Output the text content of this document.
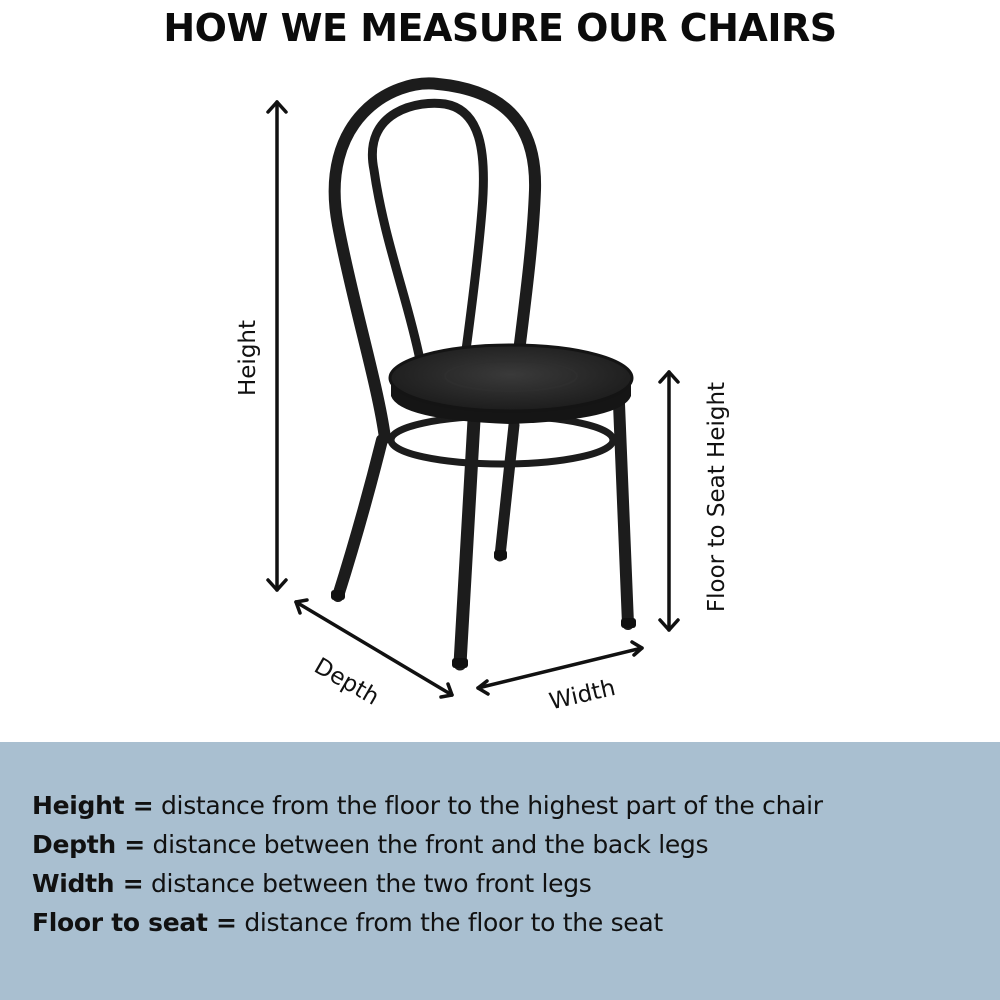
HOW WE MEASURE OUR CHAIRS
Height
Floor to Seat Height
Depth	Width
Height = distance from the floor to the highest part of the chair
Depth = distance between the front and the back legs
Width = distance between the two front legs
Floor to seat = distance from the floor to the seat
